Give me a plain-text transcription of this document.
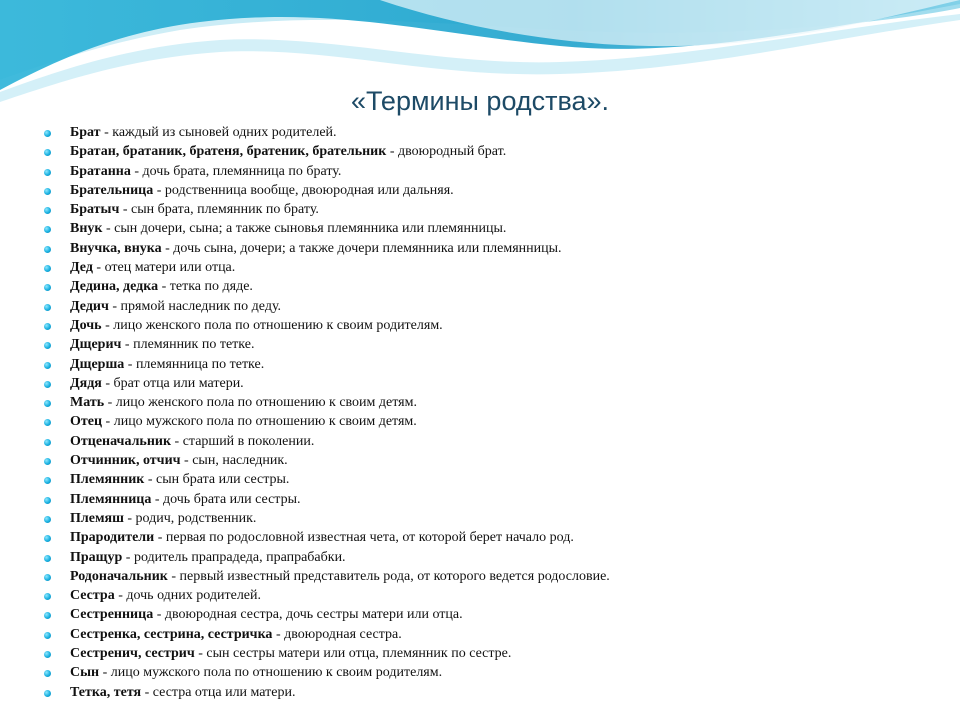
«Термины родства».
Брат - каждый из сыновей одних родителей.
Братан, братаник, братеня, братеник, брательник - двоюродный брат.
Братанна - дочь брата, племянница по брату.
Брательница - родственница вообще, двоюродная или дальняя.
Братыч - сын брата, племянник по брату.
Внук - сын дочери, сына; а также сыновья племянника или племянницы.
Внучка, внука - дочь сына, дочери; а также дочери племянника или племянницы.
Дед - отец матери или отца.
Дедина, дедка - тетка по дяде.
Дедич - прямой наследник по деду.
Дочь - лицо женского пола по отношению к своим родителям.
Дщерич - племянник по тетке.
Дщерша - племянница по тетке.
Дядя - брат отца или матери.
Мать - лицо женского пола по отношению к своим детям.
Отец - лицо мужского пола по отношению к своим детям.
Отценачальник - старший в поколении.
Отчинник, отчич - сын, наследник.
Племянник - сын брата или сестры.
Племянница - дочь брата или сестры.
Племяш - родич, родственник.
Прародители - первая по родословной известная чета, от которой берет начало род.
Пращур - родитель прапрадеда, прапрабабки.
Родоначальник - первый известный представитель рода, от которого ведется родословие.
Сестра - дочь одних родителей.
Сестренница - двоюродная сестра, дочь сестры матери или отца.
Сестренка, сестрина, сестричка - двоюродная сестра.
Сестренич, сестрич - сын сестры матери или отца, племянник по сестре.
Сын - лицо мужского пола по отношению к своим родителям.
Тетка, тетя - сестра отца или матери.
